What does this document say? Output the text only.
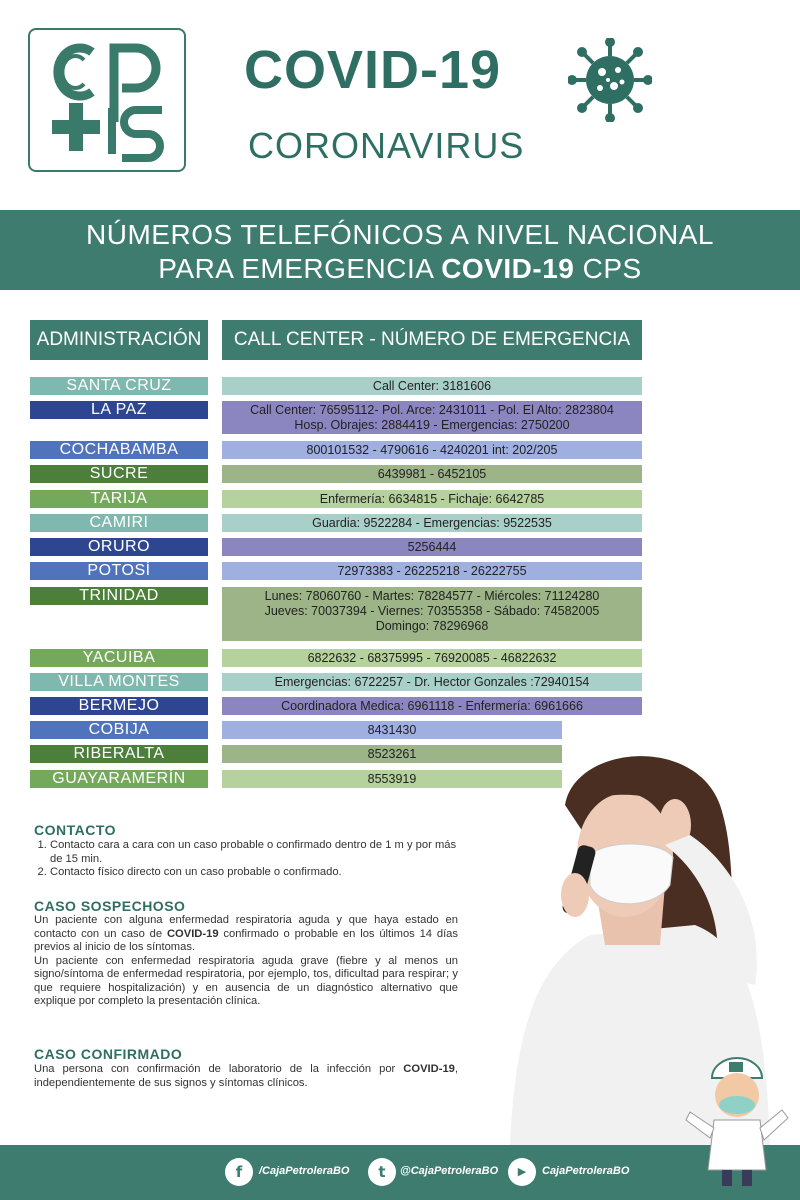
COVID-19
CORONAVIRUS
NÚMEROS TELEFÓNICOS A NIVEL NACIONAL
PARA EMERGENCIA COVID-19 CPS
ADMINISTRACIÓN	CALL CENTER - NÚMERO DE EMERGENCIA
SANTA CRUZ	Call Center: 3181606
LA PAZ	Call Center: 76595112- Pol. Arce: 2431011 - Pol. El Alto: 2823804
Hosp. Obrajes: 2884419 - Emergencias: 2750200
COCHABAMBA	800101532 - 4790616 - 4240201 int: 202/205
SUCRE	6439981 - 6452105
TARIJA	Enfermería: 6634815 - Fichaje: 6642785
CAMIRI	Guardia: 9522284 - Emergencias: 9522535
ORURO	5256444
POTOSÍ	72973383 - 26225218 - 26222755
TRINIDAD	Lunes: 78060760 - Martes: 78284577 - Miércoles: 71124280
Jueves: 70037394 - Viernes: 70355358 - Sábado: 74582005
Domingo: 78296968
YACUIBA	6822632 - 68375995 - 76920085 - 46822632
VILLA MONTES	Emergencias: 6722257 - Dr. Hector Gonzales :72940154
BERMEJO	Coordinadora Medica: 6961118 - Enfermería: 6961666
COBIJA	8431430
RIBERALTA	8523261
GUAYARAMERÍN	8553919
CONTACTO
1. Contacto cara a cara con un caso probable o confirmado dentro de 1 m y por más de 15 min.
2. Contacto físico directo con un caso probable o confirmado.
CASO SOSPECHOSO

Un paciente con alguna enfermedad respiratoria aguda y que haya estado en contacto con un caso de COVID-19 confirmado o probable en los últimos 14 días previos al inicio de los síntomas.

Un paciente con enfermedad respiratoria aguda grave (fiebre y al menos un signo/síntoma de enfermedad respiratoria, por ejemplo, tos, dificultad para respirar; y que requiere hospitalización) y en ausencia de un diagnóstico alternativo que explique por completo la presentación clínica.

CASO CONFIRMADO

Una persona con confirmación de laboratorio de la infección por COVID-19, independientemente de sus signos y síntomas clínicos.

f	/CajaPetroleraBO	t	@CajaPetroleraBO	▶	CajaPetroleraBO
